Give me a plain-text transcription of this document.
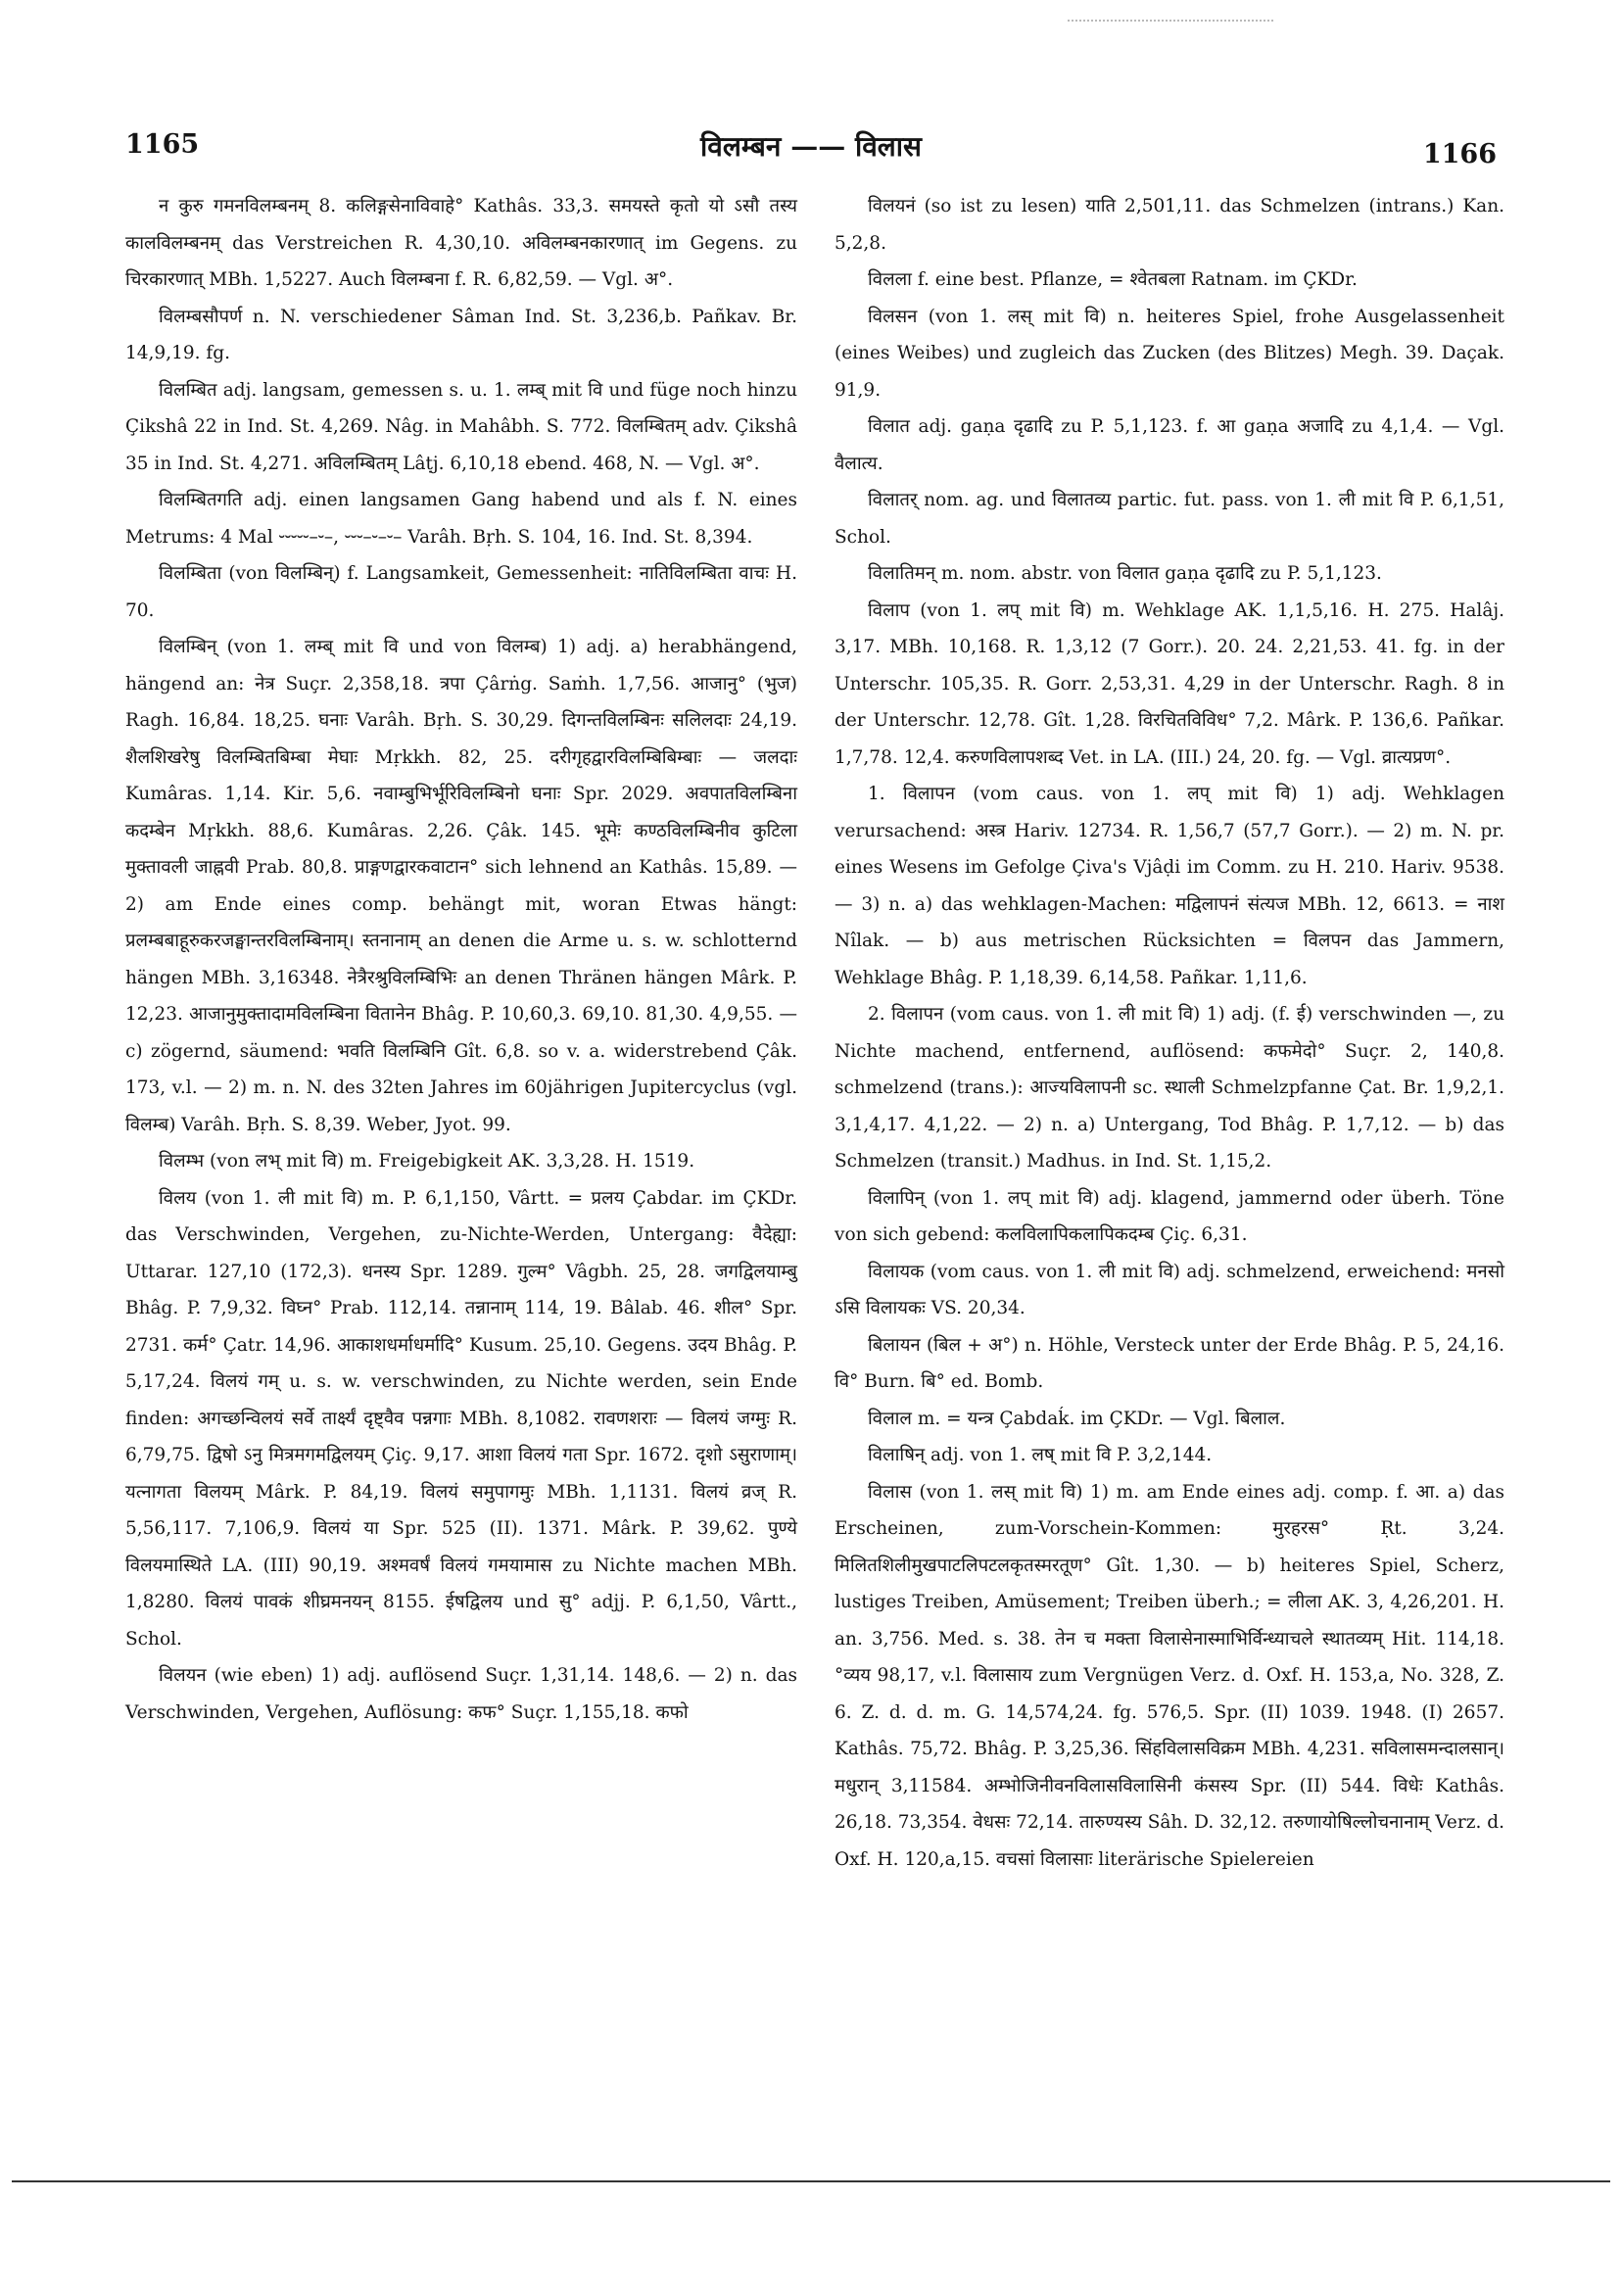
1165	विलम्बन —— विलास	1166

न कुरु गमनविलम्बनम् 8. कलिङ्गसेनाविवाहे° Kathâs. 33,3. समयस्ते कृतो यो ऽसौ तस्य कालविलम्बनम् das Verstreichen R. 4,30,10. अविलम्बनकारणात् im Gegens. zu चिरकारणात् MBh. 1,5227. Auch विलम्बना f. R. 6,82,59. — Vgl. अ°.

विलम्बसौपर्ण n. N. verschiedener Sâman Ind. St. 3,236,b. Pañkav. Br. 14,9,19. fg.

विलम्बित adj. langsam, gemessen s. u. 1. लम्ब् mit वि und füge noch hinzu Çikshâ 22 in Ind. St. 4,269. Nâg. in Mahâbh. S. 772. विलम्बितम् adv. Çikshâ 35 in Ind. St. 4,271. अविलम्बितम् Lâṭj. 6,10,18 ebend. 468, N. — Vgl. अ°.

विलम्बितगति adj. einen langsamen Gang habend und als f. N. eines Metrums: 4 Mal ⏑⏑⏑⏑⏑–⏑–, ⏑⏑⏑–⏑–⏑– Varâh. Bṛh. S. 104, 16. Ind. St. 8,394.

विलम्बिता (von विलम्बिन्) f. Langsamkeit, Gemessenheit: नातिविलम्बिता वाचः H. 70.

विलम्बिन् (von 1. लम्ब् mit वि und von विलम्ब) 1) adj. a) herabhängend, hängend an: नेत्र Suçr. 2,358,18. त्रपा Çârṅg. Saṁh. 1,7,56. आजानु° (भुज) Ragh. 16,84. 18,25. घनाः Varâh. Bṛh. S. 30,29. दिगन्तविलम्बिनः सलिलदाः 24,19. शैलशिखरेषु विलम्बितबिम्बा मेघाः Mṛkkh. 82, 25. दरीगृहद्वारविलम्बिबिम्बाः — जलदाः Kumâras. 1,14. Kir. 5,6. नवाम्बुभिर्भूरिविलम्बिनो घनाः Spr. 2029. अवपातविलम्बिना कदम्बेन Mṛkkh. 88,6. Kumâras. 2,26. Çâk. 145. भूमेः कण्ठविलम्बिनीव कुटिला मुक्तावली जाह्नवी Prab. 80,8. प्राङ्गणद्वारकवाटान° sich lehnend an Kathâs. 15,89. — 2) am Ende eines comp. behängt mit, woran Etwas hängt: प्रलम्बबाहूरुकरजङ्घान्तरविलम्बिनाम्। स्तनानाम् an denen die Arme u. s. w. schlotternd hängen MBh. 3,16348. नेत्रैरश्रुविलम्बिभिः an denen Thränen hängen Mârk. P. 12,23. आजानुमुक्तादामविलम्बिना वितानेन Bhâg. P. 10,60,3. 69,10. 81,30. 4,9,55. — c) zögernd, säumend: भवति विलम्बिनि Gît. 6,8. so v. a. widerstrebend Çâk. 173, v.l. — 2) m. n. N. des 32ten Jahres im 60jährigen Jupitercyclus (vgl. विलम्ब) Varâh. Bṛh. S. 8,39. Weber, Jyot. 99.

विलम्भ (von लभ् mit वि) m. Freigebigkeit AK. 3,3,28. H. 1519.

विलय (von 1. ली mit वि) m. P. 6,1,150, Vârtt. = प्रलय Çabdar. im ÇKDr. das Verschwinden, Vergehen, zu-Nichte-Werden, Untergang: वैदेह्या: Uttarar. 127,10 (172,3). धनस्य Spr. 1289. गुल्म° Vâgbh. 25, 28. जगद्विलयाम्बु Bhâg. P. 7,9,32. विघ्न° Prab. 112,14. तन्नानाम् 114, 19. Bâlab. 46. शील° Spr. 2731. कर्म° Çatr. 14,96. आकाशधर्माधर्मादि° Kusum. 25,10. Gegens. उदय Bhâg. P. 5,17,24. विलयं गम् u. s. w. verschwinden, zu Nichte werden, sein Ende finden: अगच्छन्विलयं सर्वे तार्क्ष्यं दृष्ट्वैव पन्नगाः MBh. 8,1082. रावणशराः — विलयं जग्मुः R. 6,79,75. द्विषो ऽनु मित्रमगमद्विलयम् Çiç. 9,17. आशा विलयं गता Spr. 1672. दृशो ऽसुराणाम्। यत्नागता विलयम् Mârk. P. 84,19. विलयं समुपागमुः MBh. 1,1131. विलयं व्रज् R. 5,56,117. 7,106,9. विलयं या Spr. 525 (II). 1371. Mârk. P. 39,62. पुण्ये विलयमास्थिते LA. (III) 90,19. अश्मवर्षं विलयं गमयामास zu Nichte machen MBh. 1,8280. विलयं पावकं शीघ्रमनयन् 8155. ईषद्विलय und सु° adjj. P. 6,1,50, Vârtt., Schol.

विलयन (wie eben) 1) adj. auflösend Suçr. 1,31,14. 148,6. — 2) n. das Verschwinden, Vergehen, Auflösung: कफ° Suçr. 1,155,18. कफो

विलयनं (so ist zu lesen) याति 2,501,11. das Schmelzen (intrans.) Kan. 5,2,8.

विलला f. eine best. Pflanze, = श्वेतबला Ratnam. im ÇKDr.

विलसन (von 1. लस् mit वि) n. heiteres Spiel, frohe Ausgelassenheit (eines Weibes) und zugleich das Zucken (des Blitzes) Megh. 39. Daçak. 91,9.

विलात adj. gaṇa दृढादि zu P. 5,1,123. f. आ gaṇa अजादि zu 4,1,4. — Vgl. वैलात्य.

विलातर् nom. ag. und विलातव्य partic. fut. pass. von 1. ली mit वि P. 6,1,51, Schol.

विलातिमन् m. nom. abstr. von विलात gaṇa दृढादि zu P. 5,1,123.

विलाप (von 1. लप् mit वि) m. Wehklage AK. 1,1,5,16. H. 275. Halâj. 3,17. MBh. 10,168. R. 1,3,12 (7 Gorr.). 20. 24. 2,21,53. 41. fg. in der Unterschr. 105,35. R. Gorr. 2,53,31. 4,29 in der Unterschr. Ragh. 8 in der Unterschr. 12,78. Gît. 1,28. विरचितविविध° 7,2. Mârk. P. 136,6. Pañkar. 1,7,78. 12,4. करुणविलापशब्द Vet. in LA. (III.) 24, 20. fg. — Vgl. व्रात्यप्रण°.

1. विलापन (vom caus. von 1. लप् mit वि) 1) adj. Wehklagen verursachend: अस्त्र Hariv. 12734. R. 1,56,7 (57,7 Gorr.). — 2) m. N. pr. eines Wesens im Gefolge Çiva's Vjâḍi im Comm. zu H. 210. Hariv. 9538. — 3) n. a) das wehklagen-Machen: मद्विलापनं संत्यज MBh. 12, 6613. = नाश Nîlak. — b) aus metrischen Rücksichten = विलपन das Jammern, Wehklage Bhâg. P. 1,18,39. 6,14,58. Pañkar. 1,11,6.

2. विलापन (vom caus. von 1. ली mit वि) 1) adj. (f. ई) verschwinden —, zu Nichte machend, entfernend, auflösend: कफमेदो° Suçr. 2, 140,8. schmelzend (trans.): आज्यविलापनी sc. स्थाली Schmelzpfanne Çat. Br. 1,9,2,1. 3,1,4,17. 4,1,22. — 2) n. a) Untergang, Tod Bhâg. P. 1,7,12. — b) das Schmelzen (transit.) Madhus. in Ind. St. 1,15,2.

विलापिन् (von 1. लप् mit वि) adj. klagend, jammernd oder überh. Töne von sich gebend: कलविलापिकलापिकदम्ब Çiç. 6,31.

विलायक (vom caus. von 1. ली mit वि) adj. schmelzend, erweichend: मनसो ऽसि विलायकः VS. 20,34.

बिलायन (बिल + अ°) n. Höhle, Versteck unter der Erde Bhâg. P. 5, 24,16. वि° Burn. बि° ed. Bomb.

विलाल m. = यन्त्र Çabdaḱ. im ÇKDr. — Vgl. बिलाल.

विलाषिन् adj. von 1. लष् mit वि P. 3,2,144.

विलास (von 1. लस् mit वि) 1) m. am Ende eines adj. comp. f. आ. a) das Erscheinen, zum-Vorschein-Kommen: मुरहरस° Ṛt. 3,24. मिलितशिलीमुखपाटलिपटलकृतस्मरतूण° Gît. 1,30. — b) heiteres Spiel, Scherz, lustiges Treiben, Amüsement; Treiben überh.; = लीला AK. 3, 4,26,201. H. an. 3,756. Med. s. 38. तेन च मक्ता विलासेनास्माभिर्विन्ध्याचले स्थातव्यम् Hit. 114,18. °व्यय 98,17, v.l. विलासाय zum Vergnügen Verz. d. Oxf. H. 153,a, No. 328, Z. 6. Z. d. d. m. G. 14,574,24. fg. 576,5. Spr. (II) 1039. 1948. (I) 2657. Kathâs. 75,72. Bhâg. P. 3,25,36. सिंहविलासविक्रम MBh. 4,231. सविलासमन्दालसान्। मधुरान् 3,11584. अम्भोजिनीवनविलासविलासिनी कंसस्य Spr. (II) 544. विधेः Kathâs. 26,18. 73,354. वेधसः 72,14. तारुण्यस्य Sâh. D. 32,12. तरुणायोषिल्लोचनानाम् Verz. d. Oxf. H. 120,a,15. वचसां विलासाः literärische Spielereien
